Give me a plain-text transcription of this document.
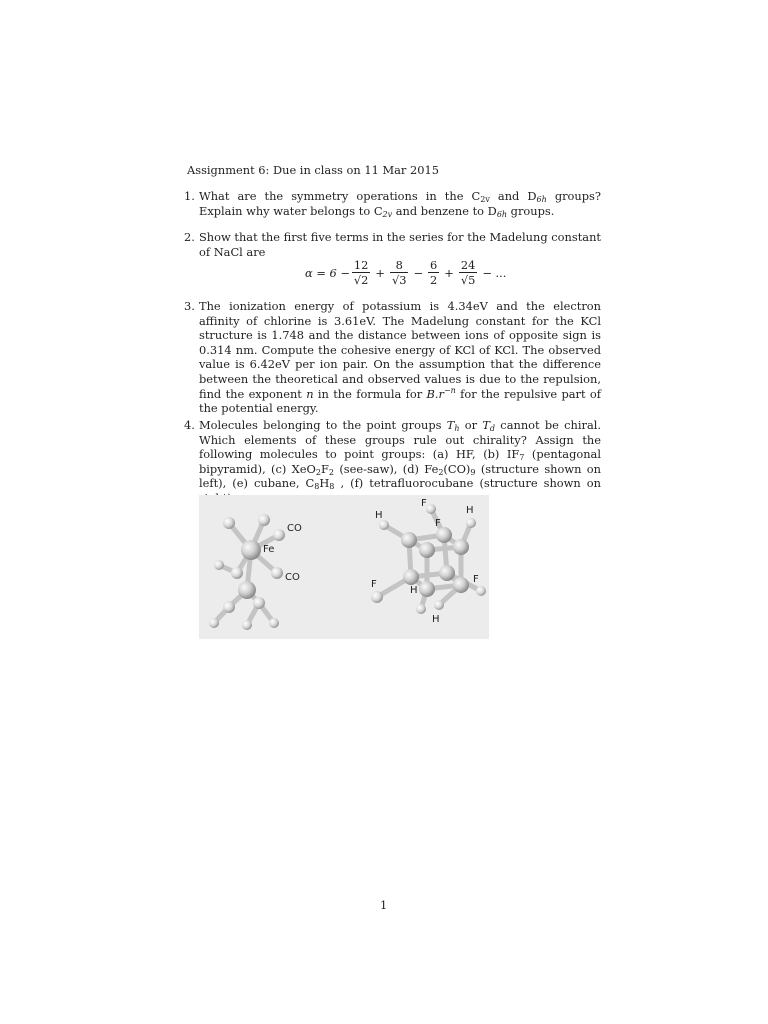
Assignment 6: Due in class on 11 Mar 2015
1. What are the symmetry operations in the $C_{2v}$ and $D_{6h}$ groups? Explain why water belongs to $C_{2v}$ and benzene to $D_{6h}$ groups.
2. Show that the first five terms in the series for the Madelung constant of NaCl are
$\alpha = 6 - \frac{12}{√2} + \frac{8}{√3} - \frac{6}{2} + \frac{24}{√5}$ − ...
3. The ionization energy of potassium is 4.34eV and the electron affinity of chlorine is 3.61eV. The Madelung constant for the KCl structure is 1.748 and the distance between ions of opposite sign is 0.314 nm. Compute the cohesive energy of KCl of KCl. The observed value is 6.42eV per ion pair. On the assumption that the difference between the theoretical and observed values is due to the repulsion, find the exponent n in the formula for $B.r^{-n}$ for the repulsive part of the potential energy.
4. Molecules belonging to the point groups $T_h$ or $T_d$ cannot be chiral. Which elements of these groups rule out chirality? Assign the following molecules to point groups: (a) HF, (b) $IF_7$ (pentagonal bipyramid), (c) $XeO_2F_2$ (see-saw), (d) $Fe_2(CO)_9$ (structure shown on left), (e) cubane, $C_8H_8$ , (f) tetrafluorocubane (structure shown on
CO
Fe
CO
F
H
F
H
F
H
F
H
1
